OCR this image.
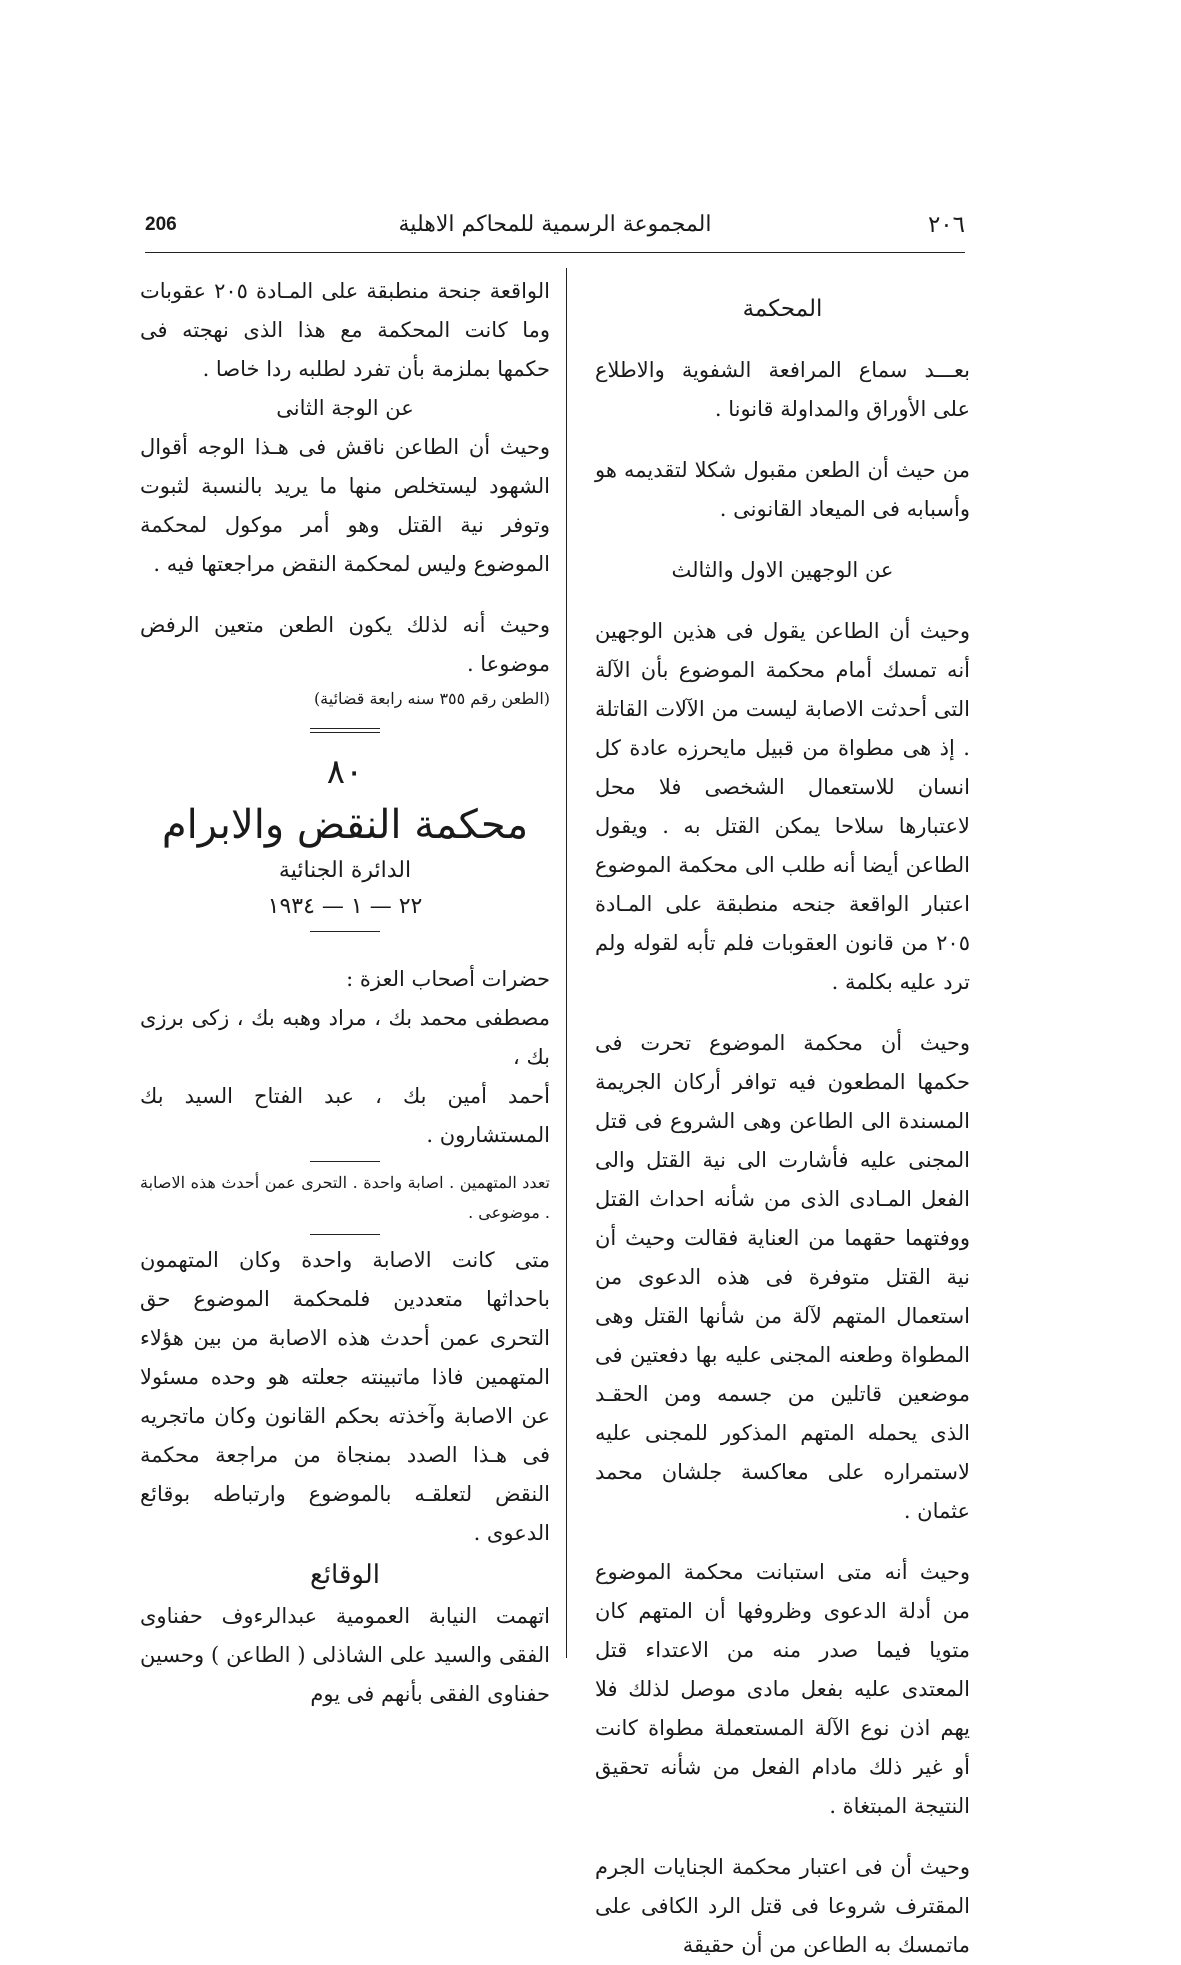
206	المجموعة الرسمية للمحاكم الاهلية	٢٠٦
المحكمة

بعـــد سماع المرافعة الشفوية والاطلاع على الأوراق والمداولة قانونا .

من حيث أن الطعن مقبول شكلا لتقديمه هو وأسبابه فى الميعاد القانونى .

عن الوجهين الاول والثالث

وحيث أن الطاعن يقول فى هذين الوجهين أنه تمسك أمام محكمة الموضوع بأن الآلة التى أحدثت الاصابة ليست من الآلات القاتلة . إذ هى مطواة من قبيل مايحرزه عادة كل انسان للاستعمال الشخصى فلا محل لاعتبارها سلاحا يمكن القتل به . ويقول الطاعن أيضا أنه طلب الى محكمة الموضوع اعتبار الواقعة جنحه منطبقة على المـادة ٢٠٥ من قانون العقوبات فلم تأبه لقوله ولم ترد عليه بكلمة .

وحيث أن محكمة الموضوع تحرت فى حكمها المطعون فيه توافر أركان الجريمة المسندة الى الطاعن وهى الشروع فى قتل المجنى عليه فأشارت الى نية القتل والى الفعل المـادى الذى من شأنه احداث القتل ووفتهما حقهما من العناية فقالت وحيث أن نية القتل متوفرة فى هذه الدعوى من استعمال المتهم لآلة من شأنها القتل وهى المطواة وطعنه المجنى عليه بها دفعتين فى موضعين قاتلين من جسمه ومن الحقـد الذى يحمله المتهم المذكور للمجنى عليه لاستمراره على معاكسة جلشان محمد عثمان .

وحيث أنه متى استبانت محكمة الموضوع من أدلة الدعوى وظروفها أن المتهم كان متويا فيما صدر منه من الاعتداء قتل المعتدى عليه بفعل مادى موصل لذلك فلا يهم اذن نوع الآلة المستعملة مطواة كانت أو غير ذلك مادام الفعل من شأنه تحقيق النتيجة المبتغاة .

وحيث أن فى اعتبار محكمة الجنايات الجرم المقترف شروعا فى قتل الرد الكافى على ماتمسك به الطاعن من أن حقيقة

الواقعة جنحة منطبقة على المـادة ٢٠٥ عقوبات وما كانت المحكمة مع هذا الذى نهجته فى حكمها بملزمة بأن تفرد لطلبه ردا خاصا .

عن الوجة الثانى

وحيث أن الطاعن ناقش فى هـذا الوجه أقوال الشهود ليستخلص منها ما يريد بالنسبة لثبوت وتوفر نية القتل وهو أمر موكول لمحكمة الموضوع وليس لمحكمة النقض مراجعتها فيه .

وحيث أنه لذلك يكون الطعن متعين الرفض موضوعا .

(الطعن رقم ٣٥٥ سنه رابعة قضائية)

٨٠
محكمة النقض والابرام
الدائرة الجنائية
٢٢ — ١ — ١٩٣٤

حضرات أصحاب العزة :

مصطفى محمد بك ، مراد وهبه بك ، زكى برزى بك ،

أحمد أمين بك ، عبد الفتاح السيد بك المستشارون .

تعدد المتهمين . اصابة واحدة . التحرى عمن أحدث هذه الاصابة . موضوعى .

متى كانت الاصابة واحدة وكان المتهمون باحداثها متعددين فلمحكمة الموضوع حق التحرى عمن أحدث هذه الاصابة من بين هؤلاء المتهمين فاذا ماتبينته جعلته هو وحده مسئولا عن الاصابة وآخذته بحكم القانون وكان ماتجريه فى هـذا الصدد بمنجاة من مراجعة محكمة النقض لتعلقـه بالموضوع وارتباطه بوقائع الدعوى .

الوقائع

اتهمت النيابة العمومية عبدالرءوف حفناوى الفقى والسيد على الشاذلى ( الطاعن ) وحسين حفناوى الفقى بأنهم فى يوم
